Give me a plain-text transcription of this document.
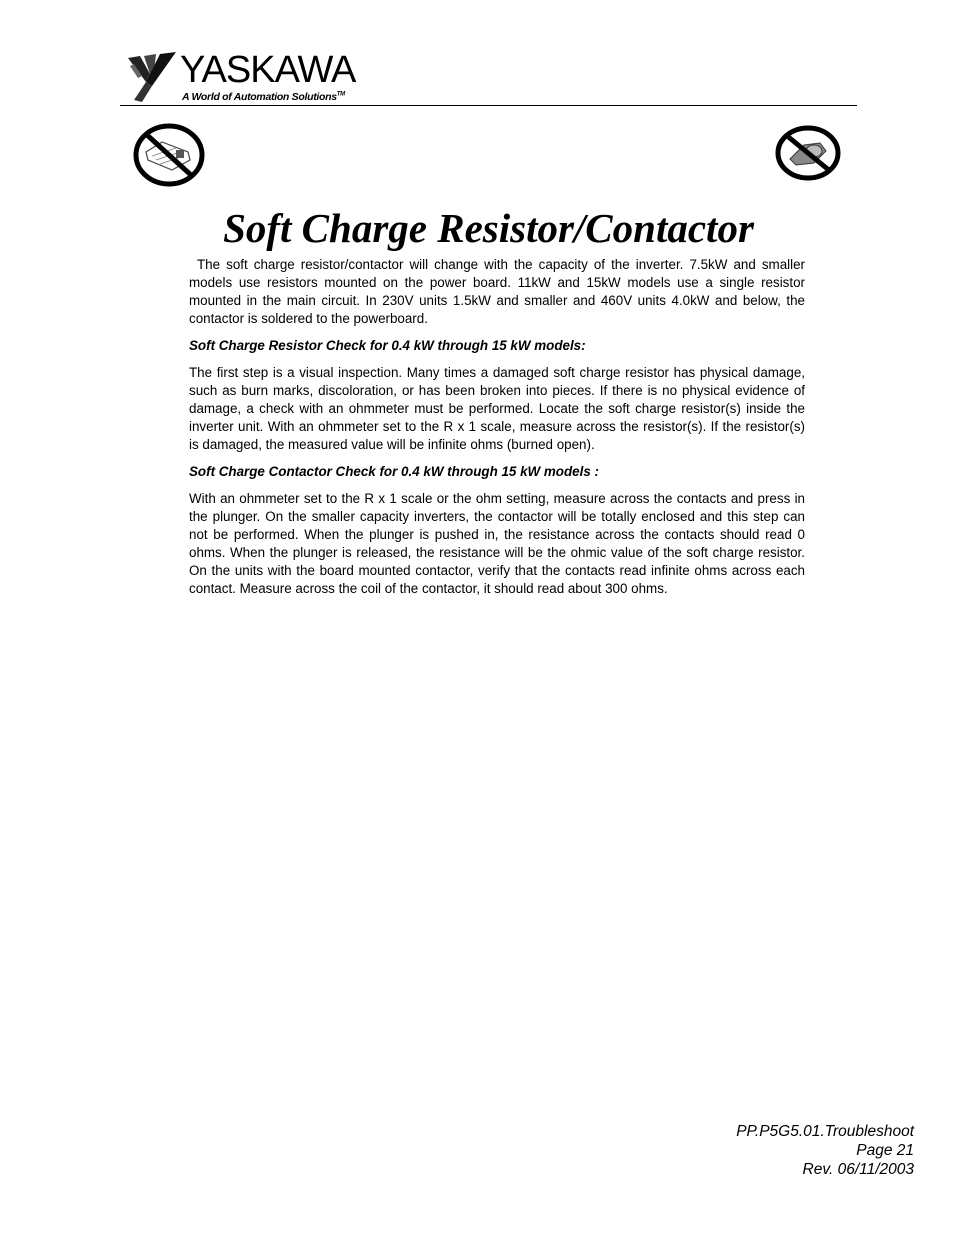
YASKAWA
A World of Automation Solutions™
Soft Charge Resistor/Contactor

The soft charge resistor/contactor will change with the capacity of the inverter. 7.5kW and smaller models use resistors mounted on the power board. 11kW and 15kW models use a single resistor mounted in the main circuit. In 230V units 1.5kW and smaller and 460V units 4.0kW and below, the contactor is soldered to the powerboard.

Soft Charge Resistor Check for 0.4 kW through 15 kW models:

The first step is a visual inspection. Many times a damaged soft charge resistor has physical damage, such as burn marks, discoloration, or has been broken into pieces. If there is no physical evidence of damage, a check with an ohmmeter must be performed. Locate the soft charge resistor(s) inside the inverter unit. With an ohmmeter set to the R x 1 scale, measure across the resistor(s). If the resistor(s) is damaged, the measured value will be infinite ohms (burned open).

Soft Charge Contactor Check for 0.4 kW through 15 kW models :

With an ohmmeter set to the R x 1 scale or the ohm setting, measure across the contacts and press in the plunger. On the smaller capacity inverters, the contactor will be totally enclosed and this step can not be performed. When the plunger is pushed in, the resistance across the contacts should read 0 ohms. When the plunger is released, the resistance will be the ohmic value of the soft charge resistor. On the units with the board mounted contactor, verify that the contacts read infinite ohms across each contact. Measure across the coil of the contactor, it should read about 300 ohms.

PP.P5G5.01.Troubleshoot
Page 21
Rev. 06/11/2003
